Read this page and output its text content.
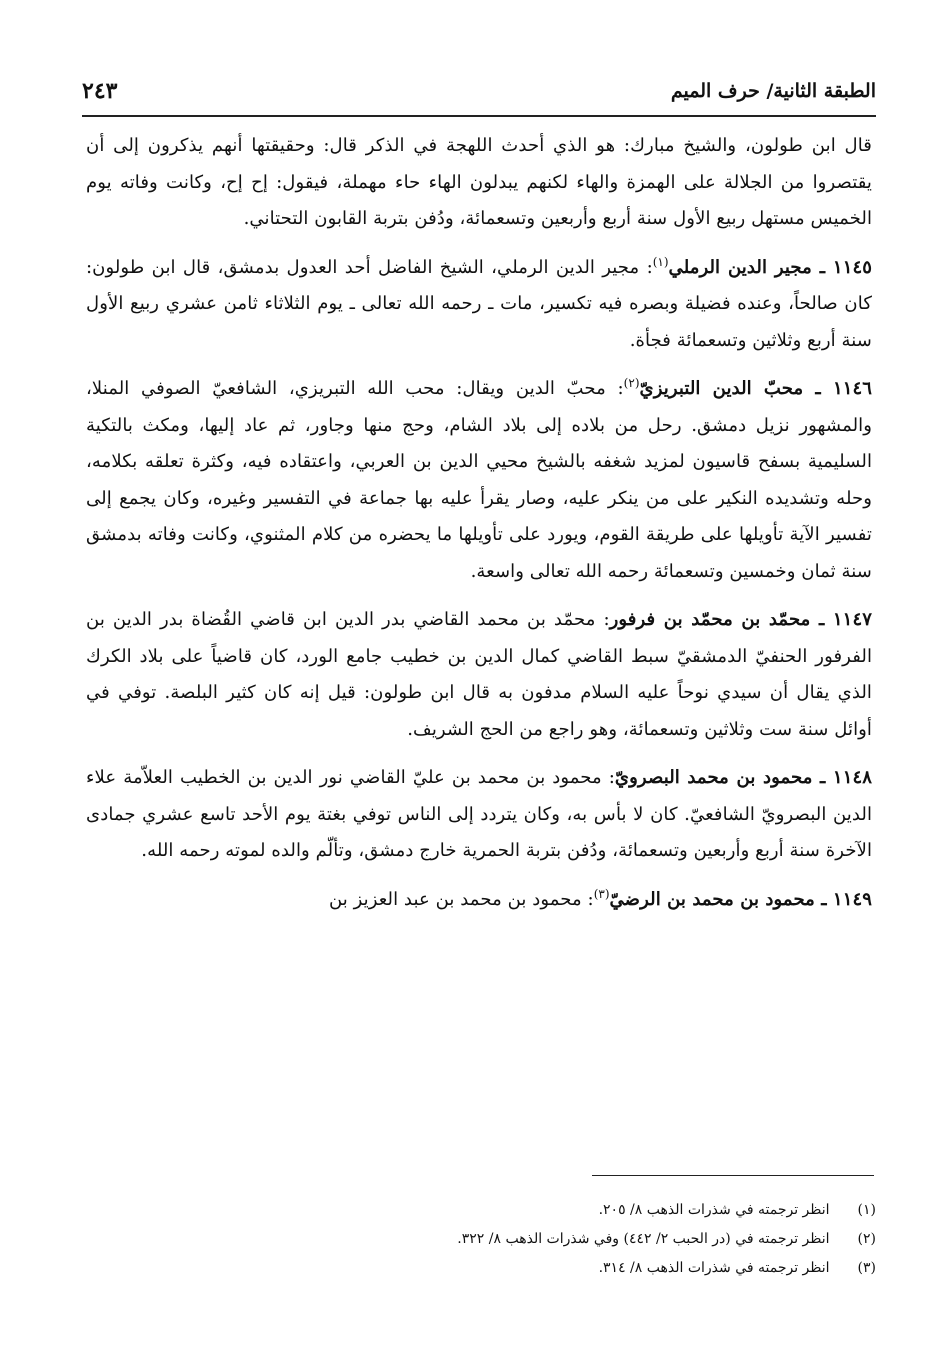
الطبقة الثانية/ حرف الميم
٢٤٣

قال ابن طولون، والشيخ مبارك: هو الذي أحدث اللهجة في الذكر قال: وحقيقتها أنهم يذكرون إلى أن يقتصروا من الجلالة على الهمزة والهاء لكنهم يبدلون الهاء حاء مهملة، فيقول: إح إح، وكانت وفاته يوم الخميس مستهل ربيع الأول سنة أربع وأربعين وتسعمائة، ودُفن بتربة القابون التحتاني.

١١٤٥ ـ مجير الدين الرملي$^{(١)}$: مجير الدين الرملي، الشيخ الفاضل أحد العدول بدمشق، قال ابن طولون: كان صالحاً، وعنده فضيلة وبصره فيه تكسير، مات ـ رحمه الله تعالى ـ يوم الثلاثاء ثامن عشري ربيع الأول سنة أربع وثلاثين وتسعمائة فجأة.

١١٤٦ ـ محبّ الدين التبريزيّ$^{(٢)}$: محبّ الدين ويقال: محب الله التبريزي، الشافعيّ الصوفي المنلا، والمشهور نزيل دمشق. رحل من بلاده إلى بلاد الشام، وحج منها وجاور، ثم عاد إليها، ومكث بالتكية السليمية بسفح قاسيون لمزيد شغفه بالشيخ محيي الدين بن العربي، واعتقاده فيه، وكثرة تعلقه بكلامه، وحله وتشديده النكير على من ينكر عليه، وصار يقرأ عليه بها جماعة في التفسير وغيره، وكان يجمع إلى تفسير الآية تأويلها على طريقة القوم، ويورد على تأويلها ما يحضره من كلام المثنوي، وكانت وفاته بدمشق سنة ثمان وخمسين وتسعمائة رحمه الله تعالى واسعة.

١١٤٧ ـ محمّد بن محمّد بن فرفور: محمّد بن محمد القاضي بدر الدين ابن قاضي القُضاة بدر الدين بن الفرفور الحنفيّ الدمشقيّ سبط القاضي كمال الدين بن خطيب جامع الورد، كان قاضياً على بلاد الكرك الذي يقال أن سيدي نوحاً عليه السلام مدفون به قال ابن طولون: قيل إنه كان كثير البلصة. توفي في أوائل سنة ست وثلاثين وتسعمائة، وهو راجع من الحج الشريف.

١١٤٨ ـ محمود بن محمد البصرويّ: محمود بن محمد بن عليّ القاضي نور الدين بن الخطيب العلاّمة علاء الدين البصرويّ الشافعيّ. كان لا بأس به، وكان يتردد إلى الناس توفي بغتة يوم الأحد تاسع عشري جمادى الآخرة سنة أربع وأربعين وتسعمائة، ودُفن بتربة الحمرية خارج دمشق، وتألّم والده لموته رحمه الله.

١١٤٩ ـ محمود بن محمد بن الرضيّ$^{(٣)}$: محمود بن محمد بن عبد العزيز بن

(١) انظر ترجمته في شذرات الذهب ٨/ ٢٠٥.
(٢) انظر ترجمته في (در الحبب ٢/ ٤٤٢) وفي شذرات الذهب ٨/ ٣٢٢.
(٣) انظر ترجمته في شذرات الذهب ٨/ ٣١٤.
